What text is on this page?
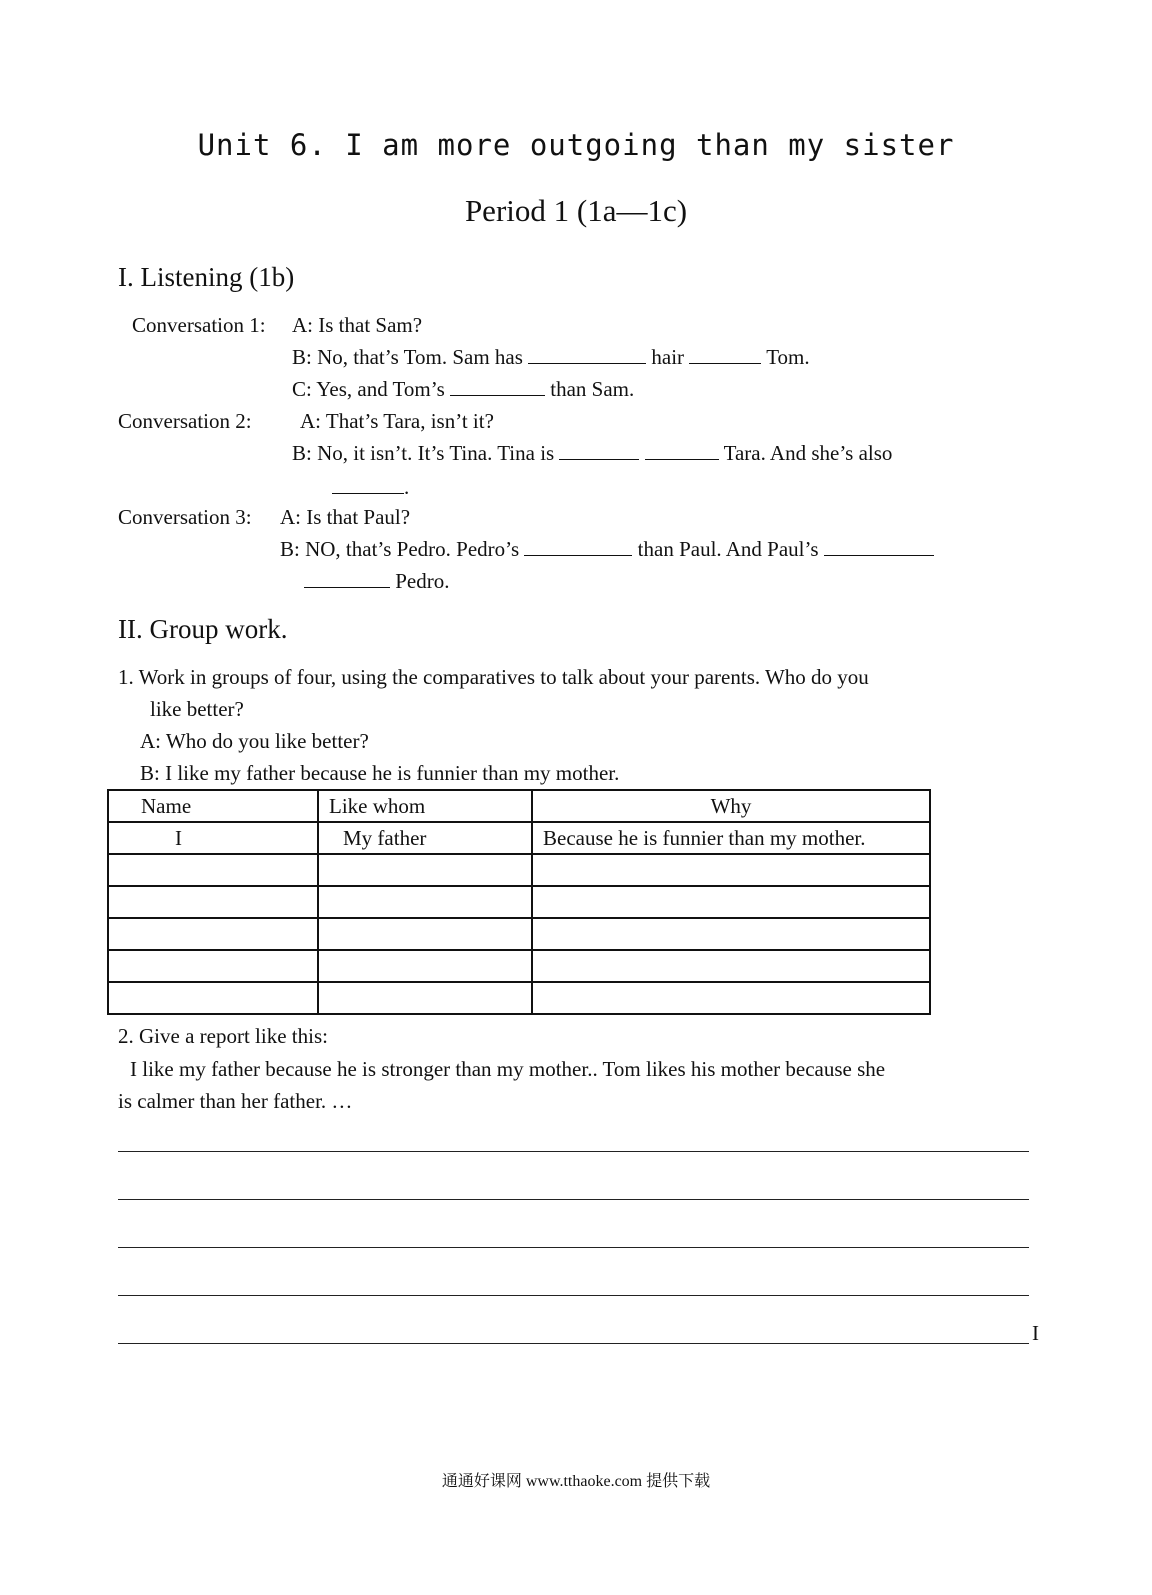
Unit 6. I am more outgoing than my sister
Period 1 (1a—1c)
I. Listening (1b)
Conversation 1: A: Is that Sam?
B: No, that’s Tom. Sam has	hair	Tom.
C: Yes, and Tom’s	than Sam.
Conversation 2: A: That’s Tara, isn’t it?
B: No, it isn’t. It’s Tina. Tina is	Tara. And she’s also
.
Conversation 3: A: Is that Paul?
B: NO, that’s Pedro. Pedro’s	than Paul. And Paul’s
Pedro.
II. Group work.
1. Work in groups of four, using the comparatives to talk about your parents. Who do you
like better?
A: Who do you like better?
B: I like my father because he is funnier than my mother.
Name	Like whom	Why
I	My father	Because he is funnier than my mother.

2. Give a report like this:
I like my father because he is stronger than my mother.. Tom likes his mother because she
is calmer than her father. …
I
通通好课网 www.tthaoke.com 提供下载
